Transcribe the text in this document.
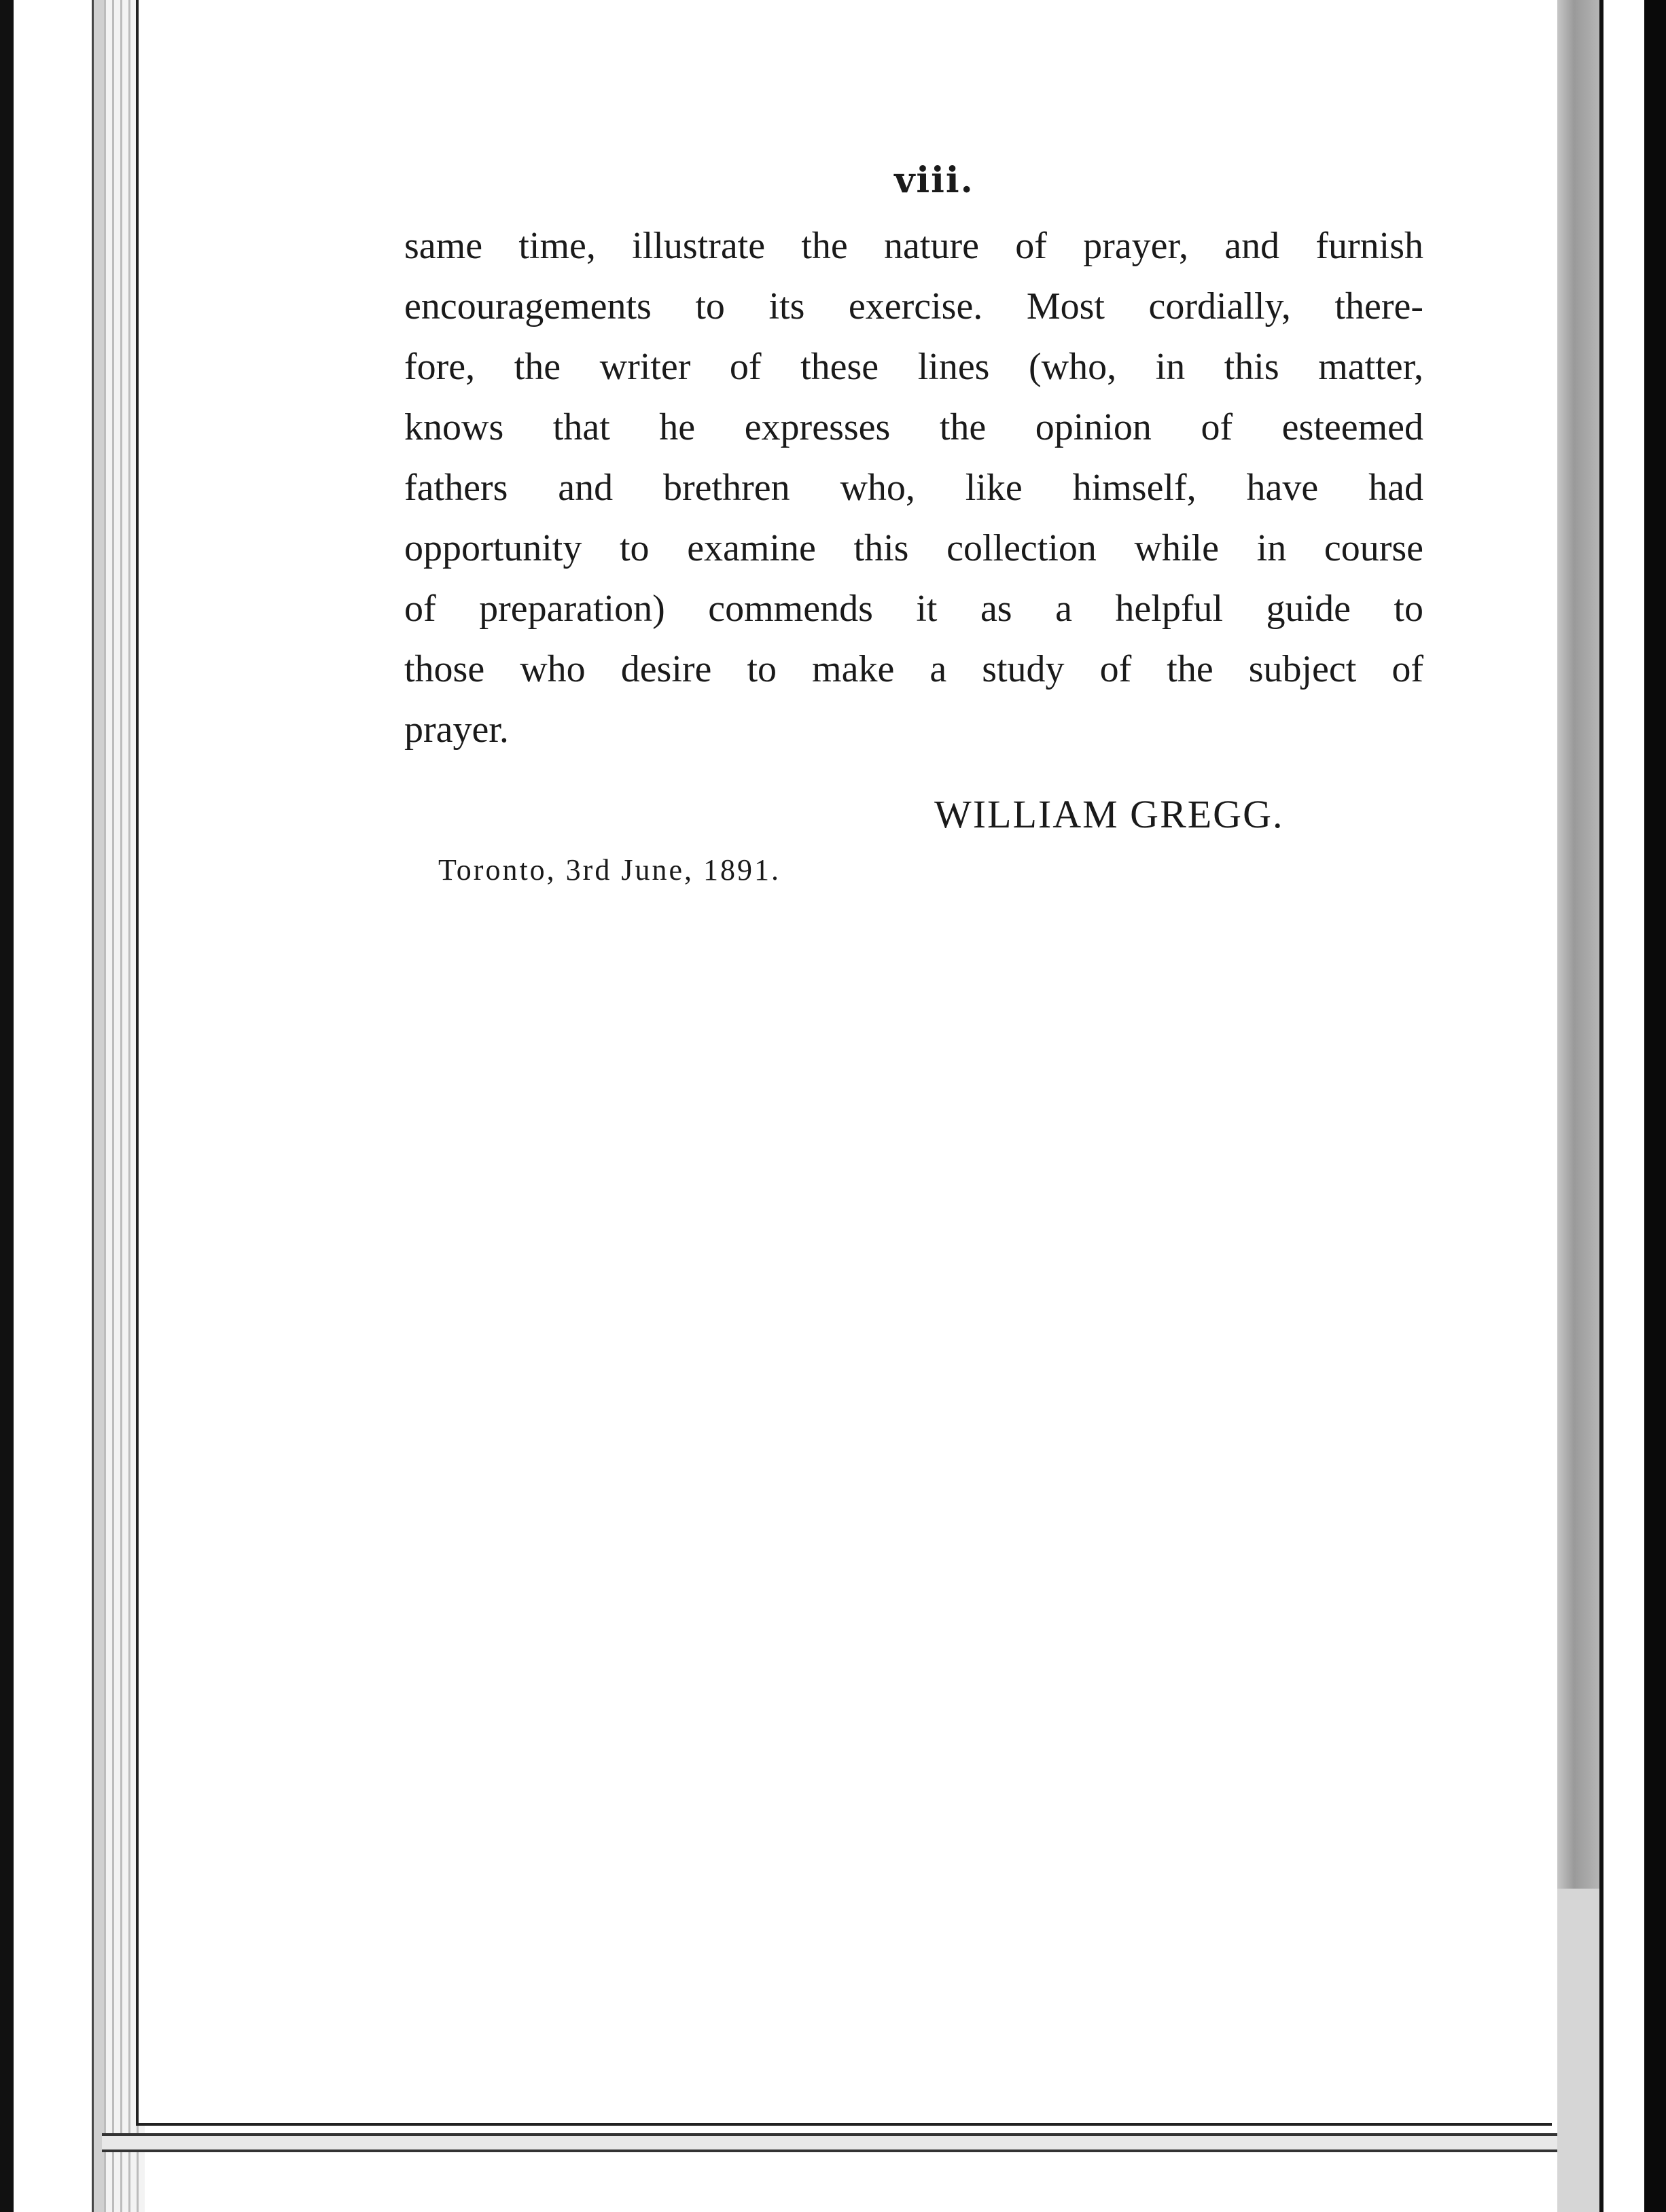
viii.
same time, illustrate the nature of prayer, and furnish
encouragements to its exercise. Most cordially, there-
fore, the writer of these lines (who, in this matter,
knows that he expresses the opinion of esteemed
fathers and brethren who, like himself, have had
opportunity to examine this collection while in course
of preparation) commends it as a helpful guide to
those who desire to make a study of the subject of
prayer.
WILLIAM GREGG.
Toronto, 3rd June, 1891.
